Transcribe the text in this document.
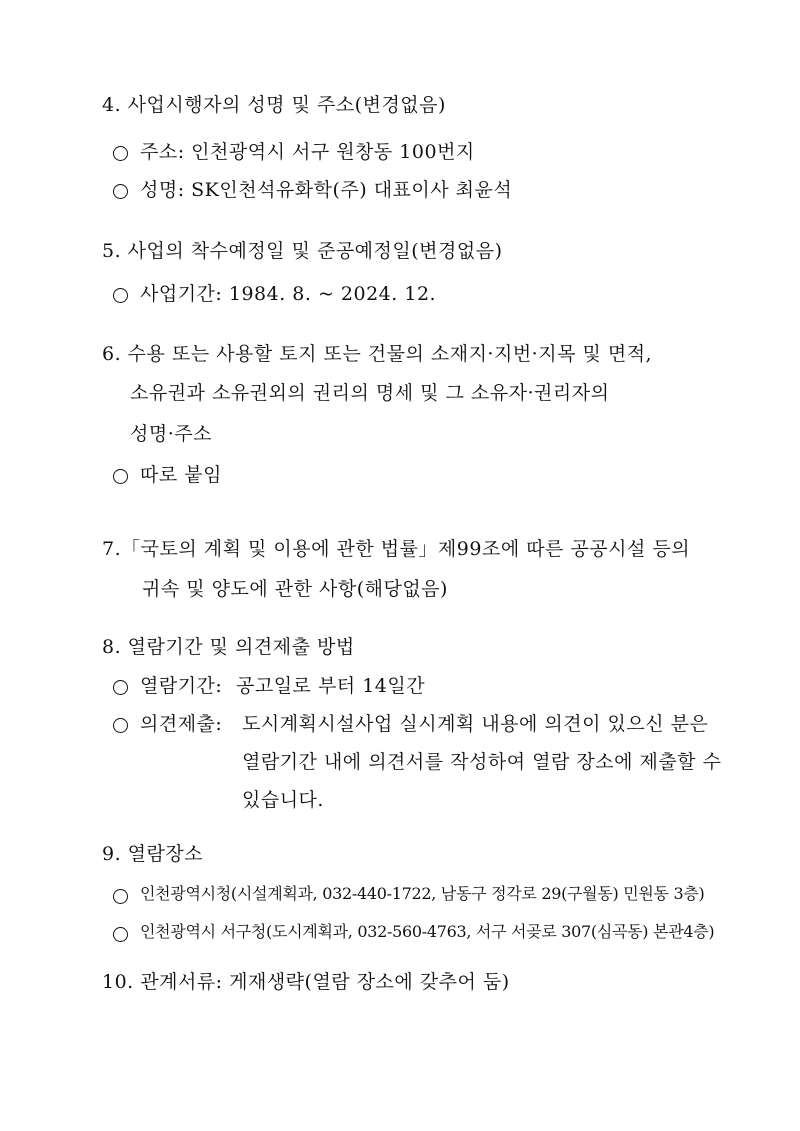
4. 사업시행자의 성명 및 주소(변경없음)
주소: 인천광역시 서구 원창동 100번지
성명: SK인천석유화학(주) 대표이사 최윤석
5. 사업의 착수예정일 및 준공예정일(변경없음)
사업기간: 1984. 8. ~ 2024. 12.
6. 수용 또는 사용할 토지 또는 건물의 소재지·지번·지목 및 면적,
소유권과 소유권외의 권리의 명세 및 그 소유자·권리자의
성명·주소
따로 붙임
7.「국토의 계획 및 이용에 관한 법률」제99조에 따른 공공시설 등의
귀속 및 양도에 관한 사항(해당없음)
8. 열람기간 및 의견제출 방법
열람기간: 공고일로 부터 14일간
의견제출: 도시계획시설사업 실시계획 내용에 의견이 있으신 분은
열람기간 내에 의견서를 작성하여 열람 장소에 제출할 수
있습니다.
9. 열람장소
인천광역시청(시설계획과, 032-440-1722, 남동구 정각로 29(구월동) 민원동 3층)
인천광역시 서구청(도시계획과, 032-560-4763, 서구 서곶로 307(심곡동) 본관4층)
10. 관계서류: 게재생략(열람 장소에 갖추어 둠)
